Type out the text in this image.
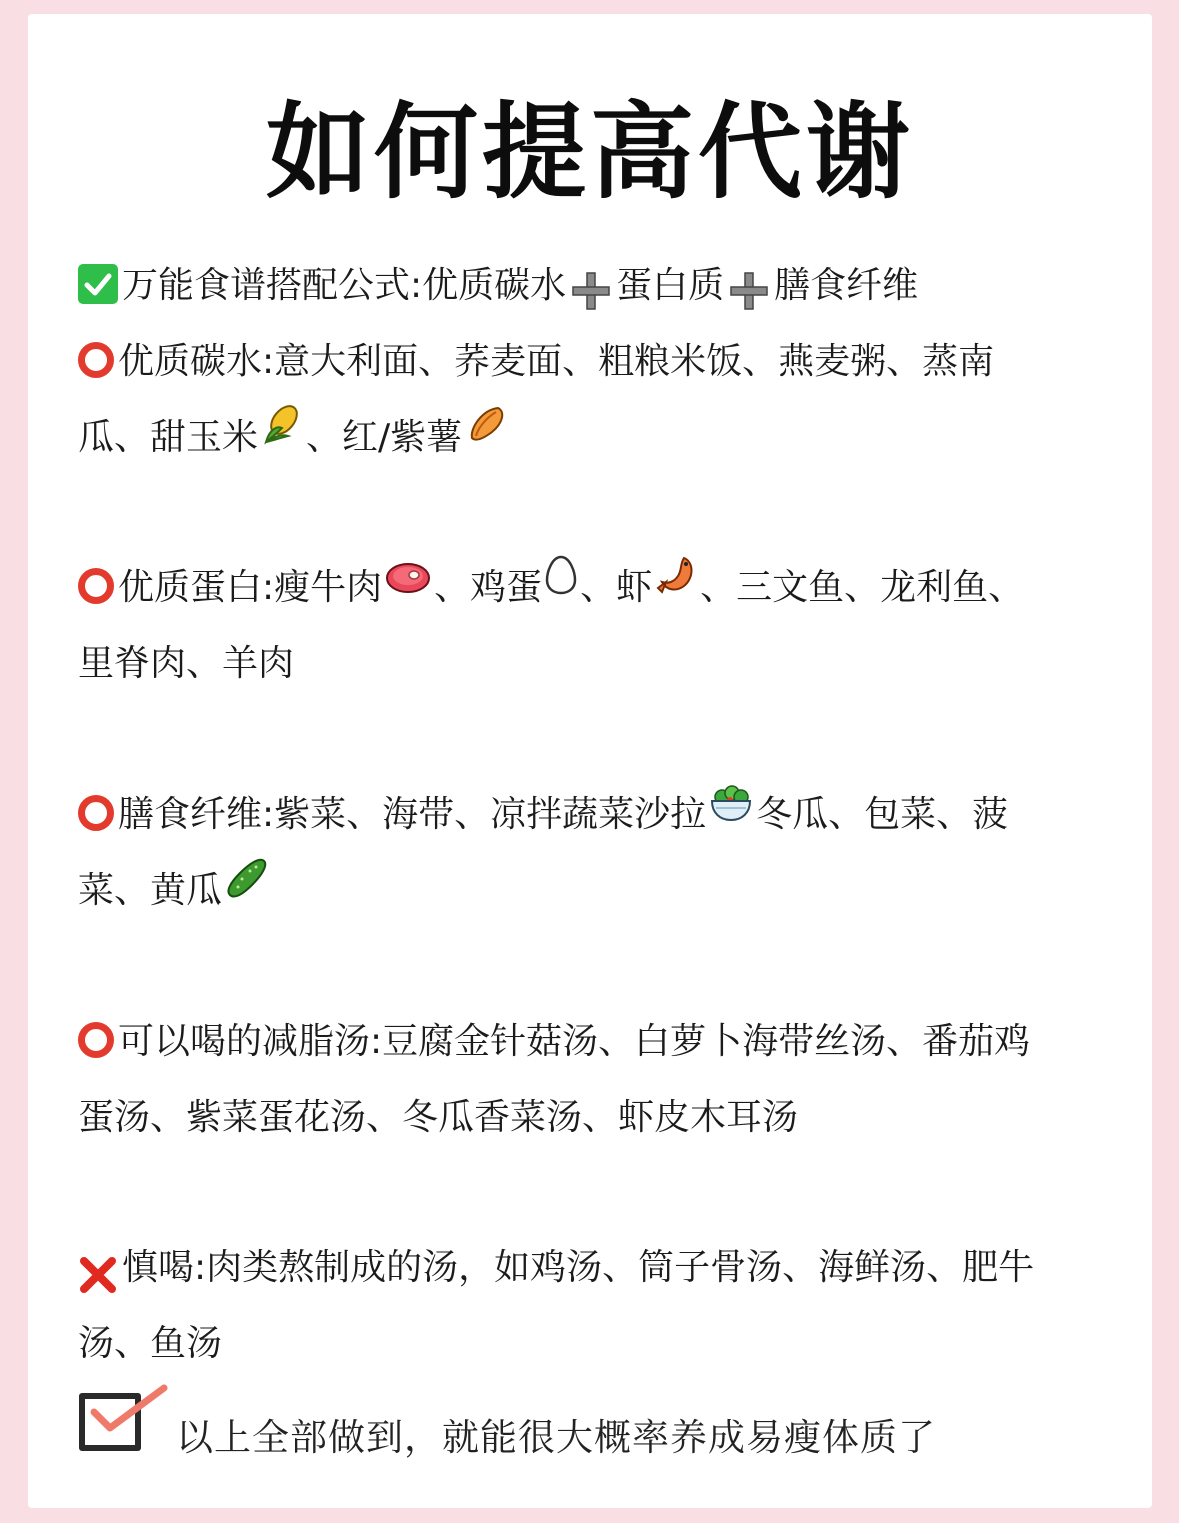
如何提高代谢
万能食谱搭配公式:优质碳水 蛋白质 膳食纤维
优质碳水:意大利面、荞麦面、粗粮米饭、燕麦粥、蒸南
瓜、甜玉米 、红/紫薯
优质蛋白:瘦牛肉 、鸡蛋 、虾 、三文鱼、龙利鱼、
里脊肉、羊肉
膳食纤维:紫菜、海带、凉拌蔬菜沙拉 冬瓜、包菜、菠
菜、黄瓜
可以喝的减脂汤:豆腐金针菇汤、白萝卜海带丝汤、番茄鸡
蛋汤、紫菜蛋花汤、冬瓜香菜汤、虾皮木耳汤
慎喝:肉类熬制成的汤，如鸡汤、筒子骨汤、海鲜汤、肥牛
汤、鱼汤
以上全部做到，就能很大概率养成易瘦体质了
